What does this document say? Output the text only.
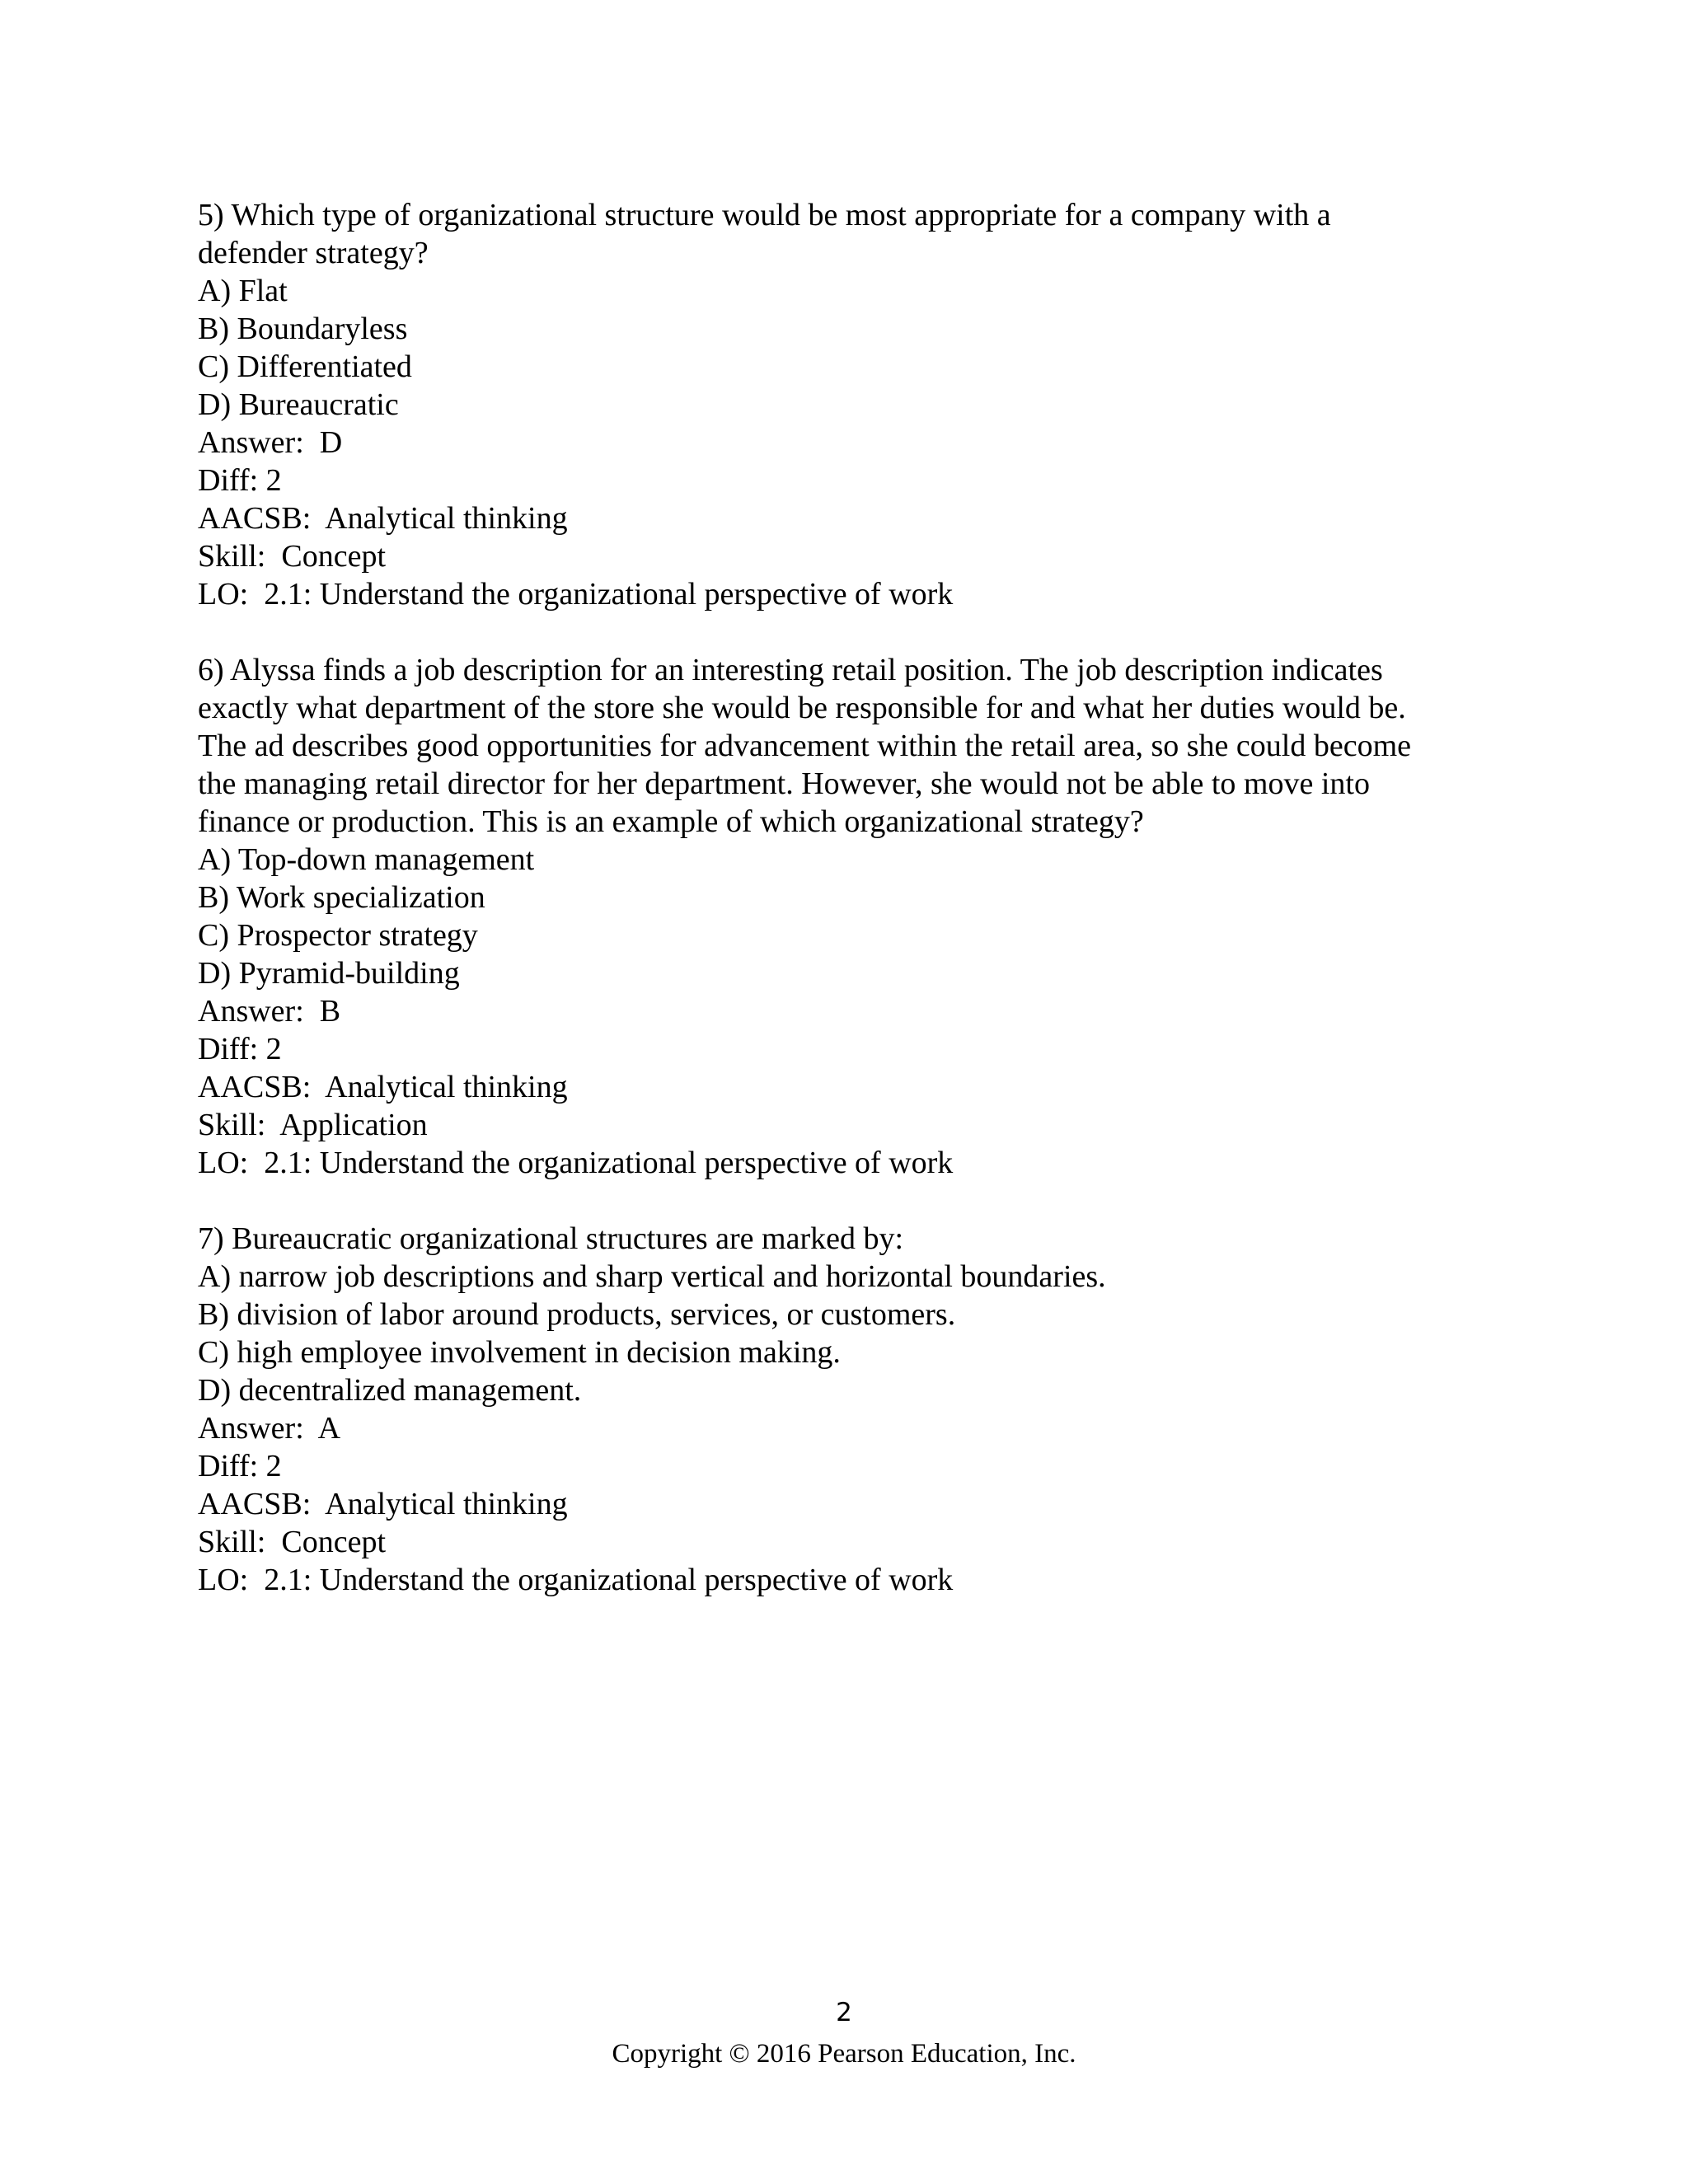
5) Which type of organizational structure would be most appropriate for a company with a
defender strategy?
A) Flat
B) Boundaryless
C) Differentiated
D) Bureaucratic
Answer:  D
Diff: 2
AACSB:  Analytical thinking
Skill:  Concept
LO:  2.1: Understand the organizational perspective of work
6) Alyssa finds a job description for an interesting retail position. The job description indicates
exactly what department of the store she would be responsible for and what her duties would be.
The ad describes good opportunities for advancement within the retail area, so she could become
the managing retail director for her department. However, she would not be able to move into
finance or production. This is an example of which organizational strategy?
A) Top-down management
B) Work specialization
C) Prospector strategy
D) Pyramid-building
Answer:  B
Diff: 2
AACSB:  Analytical thinking
Skill:  Application
LO:  2.1: Understand the organizational perspective of work
7) Bureaucratic organizational structures are marked by:
A) narrow job descriptions and sharp vertical and horizontal boundaries.
B) division of labor around products, services, or customers.
C) high employee involvement in decision making.
D) decentralized management.
Answer:  A
Diff: 2
AACSB:  Analytical thinking
Skill:  Concept
LO:  2.1: Understand the organizational perspective of work
2
Copyright © 2016 Pearson Education, Inc.
